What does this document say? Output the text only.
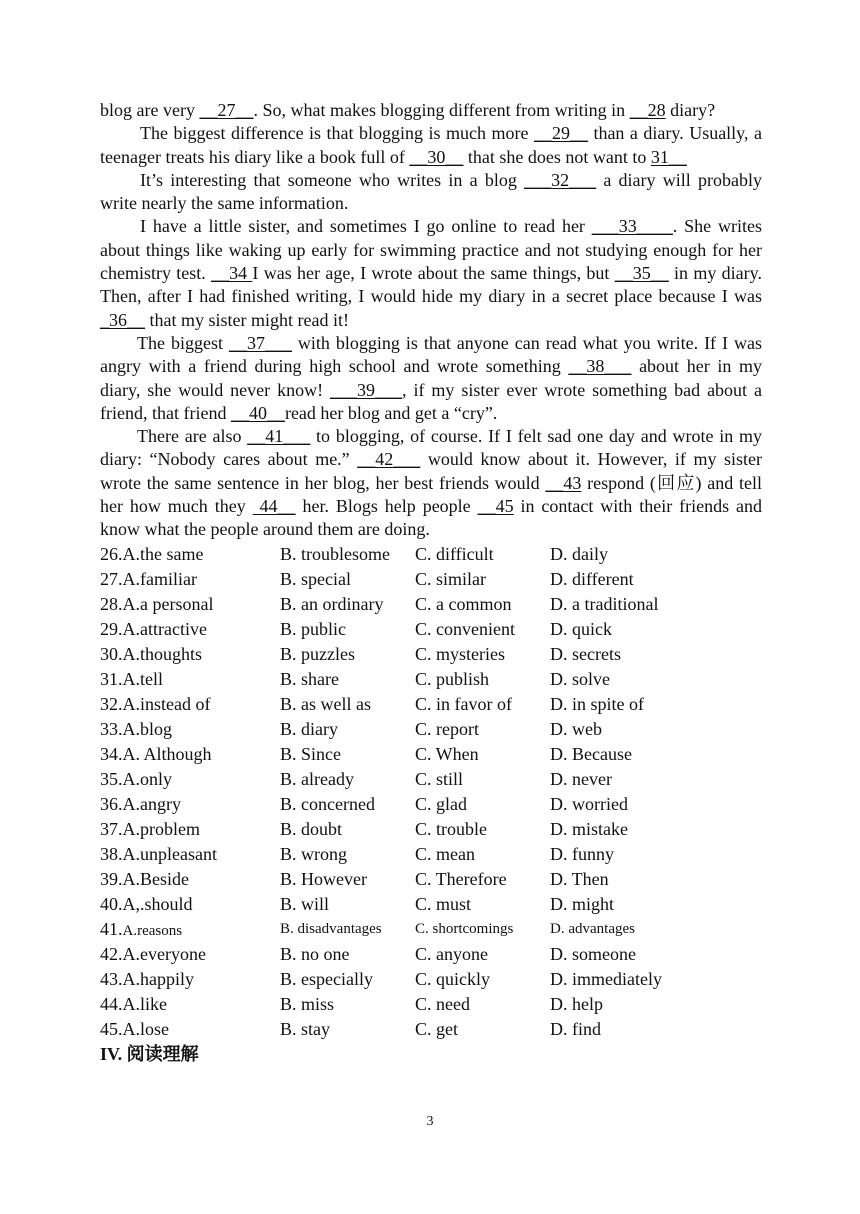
blog are very __27__. So, what makes blogging different from writing in __28 diary?

The biggest difference is that blogging is much more __29__ than a diary. Usually, a teenager treats his diary like a book full of __30__ that she does not want to 31__

It’s interesting that someone who writes in a blog ___32___ a diary will probably write nearly the same information.

I have a little sister, and sometimes I go online to read her ___33____. She writes about things like waking up early for swimming practice and not studying enough for her chemistry test. __34 I was her age, I wrote about the same things, but __35__ in my diary. Then, after I had finished writing, I would hide my diary in a secret place because I was _36__ that my sister might read it!

The biggest __37___ with blogging is that anyone can read what you write. If I was angry with a friend during high school and wrote something __38___ about her in my diary, she would never know! ___39___, if my sister ever wrote something bad about a friend, that friend __40__read her blog and get a “cry”.

There are also __41___ to blogging, of course. If I felt sad one day and wrote in my diary: “Nobody cares about me.” __42___ would know about it. However, if my sister wrote the same sentence in her blog, her best friends would __43 respond (回应) and tell her how much they  44__ her. Blogs help people __45 in contact with their friends and know what the people around them are doing.

26.A.the same	B. troublesome	C. difficult	D. daily
27.A.familiar	B. special	C. similar	D. different
28.A.a personal	B. an ordinary	C. a common	D. a traditional
29.A.attractive	B. public	C. convenient	D. quick
30.A.thoughts	B. puzzles	C. mysteries	D. secrets
31.A.tell	B. share	C. publish	D. solve
32.A.instead of	B. as well as	C. in favor of	D. in spite of
33.A.blog	B. diary	C. report	D. web
34.A. Although	B. Since	C. When	D. Because
35.A.only	B. already	C. still	D. never
36.A.angry	B. concerned	C. glad	D. worried
37.A.problem	B. doubt	C. trouble	D. mistake
38.A.unpleasant	B. wrong	C. mean	D. funny
39.A.Beside	B. However	C. Therefore	D. Then
40.A,.should	B. will	C. must	D. might
41.A.reasons	B. disadvantages	C. shortcomings	D. advantages
42.A.everyone	B. no one	C. anyone	D. someone
43.A.happily	B. especially	C. quickly	D. immediately
44.A.like	B. miss	C. need	D. help
45.A.lose	B. stay	C. get	D. find
IV. 阅读理解
3
